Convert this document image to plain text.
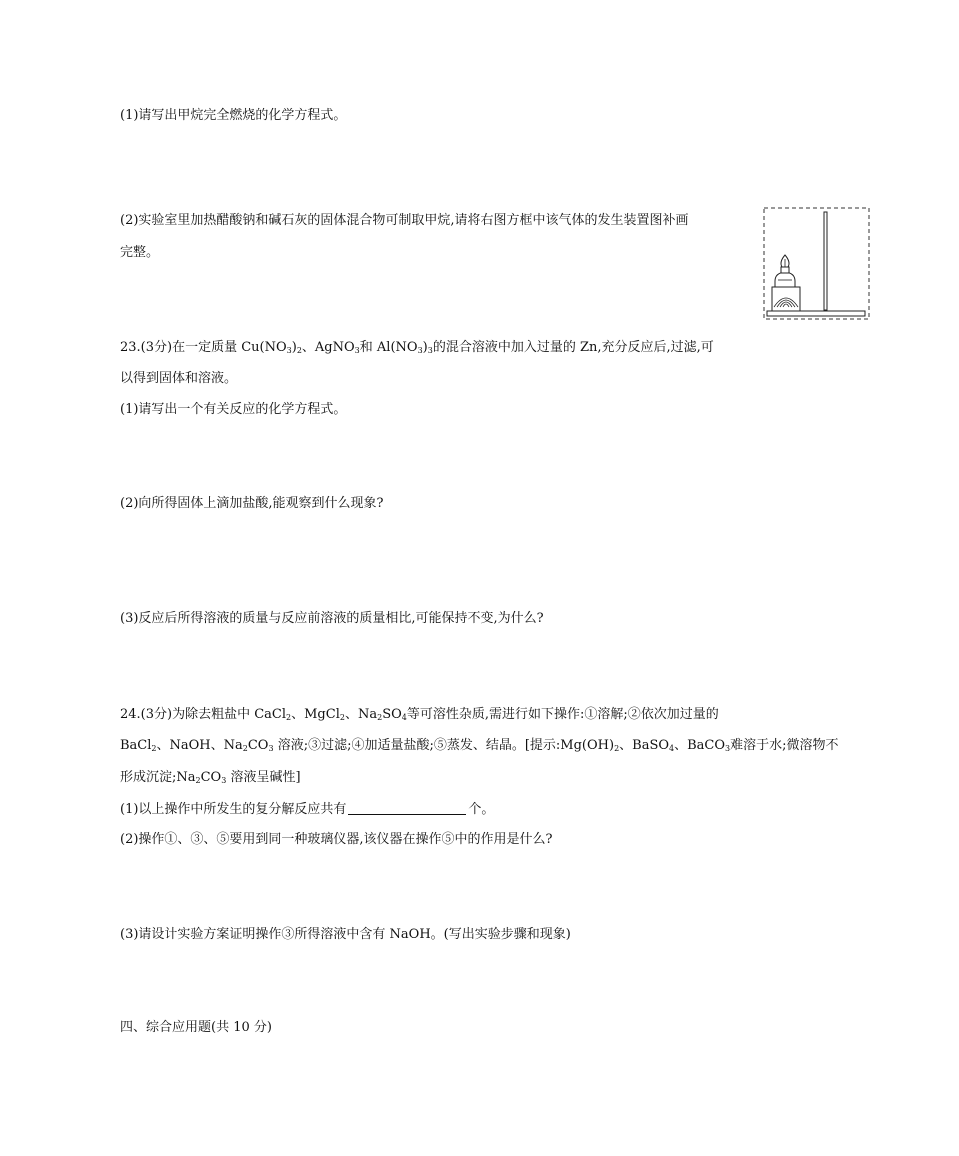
(1)请写出甲烷完全燃烧的化学方程式。
(2)实验室里加热醋酸钠和碱石灰的固体混合物可制取甲烷,请将右图方框中该气体的发生装置图补画
完整。
23.(3分)在一定质量 $Cu(NO_3)_2$、AgNO$_3$和 $Al(NO_3)_3$的混合溶液中加入过量的 Zn,充分反应后,过滤,可
以得到固体和溶液。
(1)请写出一个有关反应的化学方程式。
(2)向所得固体上滴加盐酸,能观察到什么现象?
(3)反应后所得溶液的质量与反应前溶液的质量相比,可能保持不变,为什么?
24.(3分)为除去粗盐中 CaCl$_2$、MgCl$_2$、$Na_2SO_4$等可溶性杂质,需进行如下操作:①溶解;②依次加过量的
BaCl$_2$、NaOH、$Na_2CO_3$ 溶液;③过滤;④加适量盐酸;⑤蒸发、结晶。[提示$:Mg(OH)_2$、BaSO$_4$、BaCO$_3$难溶于水;微溶物不
形成沉淀$;Na_2CO_3$ 溶液呈碱性]
(1)以上操作中所发生的复分解反应共有	个。
(2)操作①、③、⑤要用到同一种玻璃仪器,该仪器在操作⑤中的作用是什么?
(3)请设计实验方案证明操作③所得溶液中含有 NaOH。(写出实验步骤和现象)
四、综合应用题(共 10 分)
